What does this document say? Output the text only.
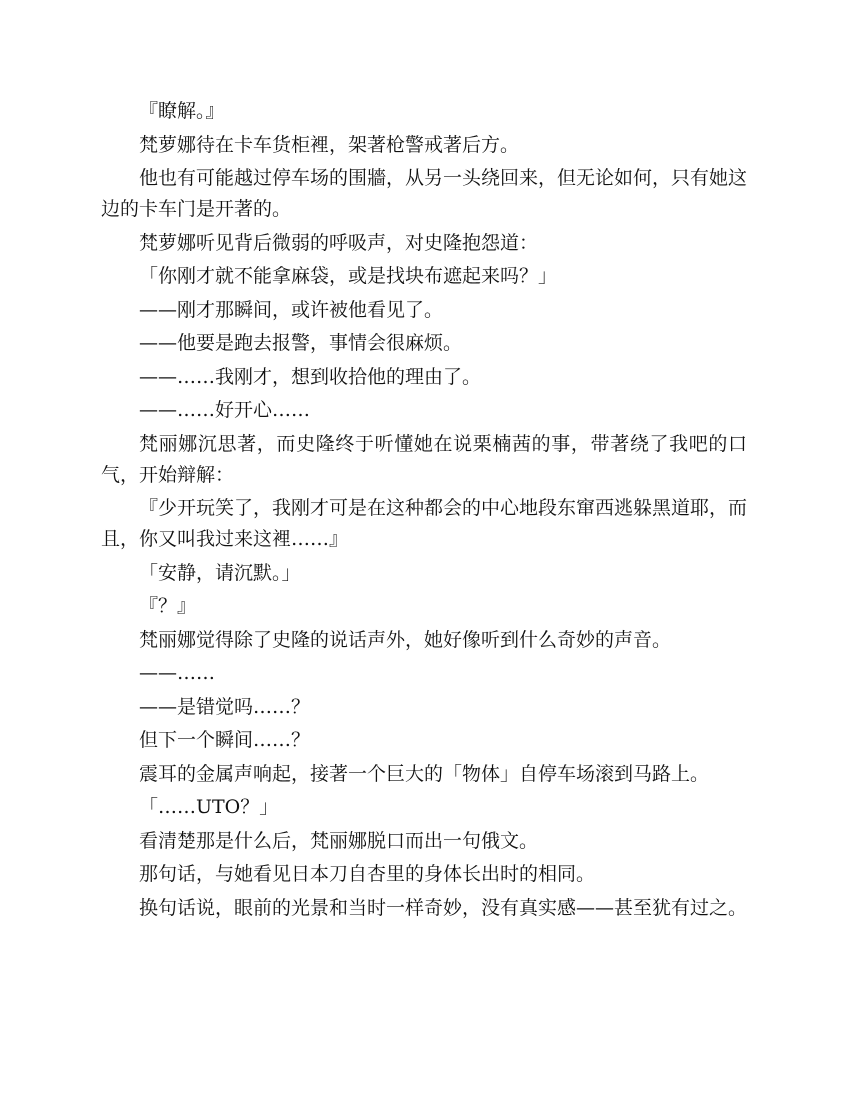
『瞭解。』

梵萝娜待在卡车货柜裡，架著枪警戒著后方。

他也有可能越过停车场的围牆，从另一头绕回来，但无论如何，只有她这边的卡车门是开著的。

梵萝娜听见背后微弱的呼吸声，对史隆抱怨道：

「你刚才就不能拿麻袋，或是找块布遮起来吗？」

——刚才那瞬间，或许被他看见了。

——他要是跑去报警，事情会很麻烦。

——……我刚才，想到收拾他的理由了。

——……好开心……

梵丽娜沉思著，而史隆终于听懂她在说栗楠茜的事，带著绕了我吧的口气，开始辩解：

『少开玩笑了，我刚才可是在这种都会的中心地段东窜西逃躲黑道耶，而且，你又叫我过来这裡……』

「安静，请沉默。」

『？』

梵丽娜觉得除了史隆的说话声外，她好像听到什么奇妙的声音。

——……

——是错觉吗……？

但下一个瞬间……？

震耳的金属声响起，接著一个巨大的「物体」自停车场滚到马路上。

「……UTO？」

看清楚那是什么后，梵丽娜脱口而出一句俄文。

那句话，与她看见日本刀自杏里的身体长出时的相同。

换句话说，眼前的光景和当时一样奇妙，没有真实感——甚至犹有过之。
